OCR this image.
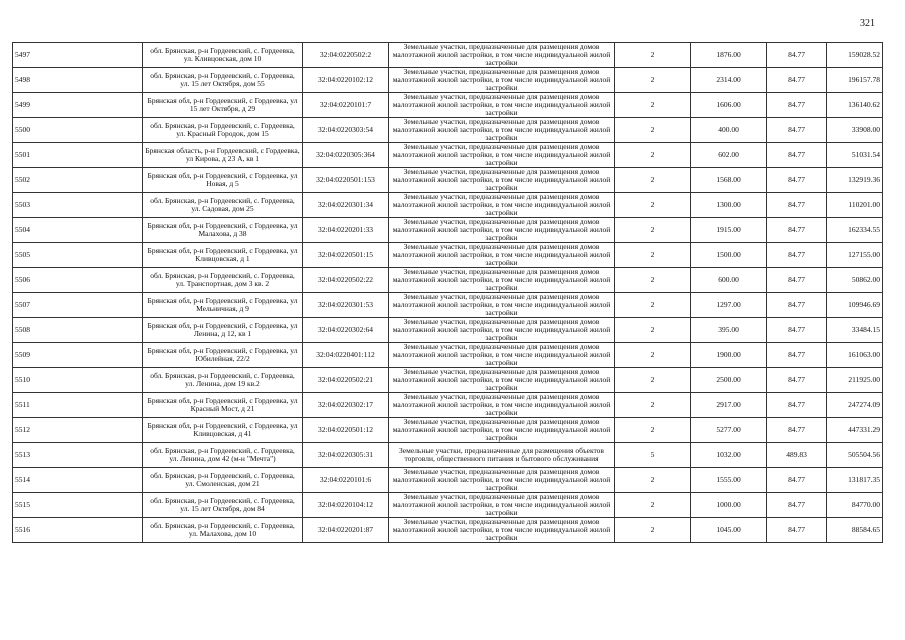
321
5497	обл. Брянская, р-н Гордеевский, с. Гордеевка, ул. Кливцовская, дом 10	32:04:0220502:2	Земельные участки, предназначенные для размещения домов малоэтажной жилой застройки, в том числе индивидуальной жилой застройки	2	1876.00	84.77	159028.52
5498	обл. Брянская, р-н Гордеевский, с. Гордеевка, ул. 15 лет Октября, дом 55	32:04:0220102:12	Земельные участки, предназначенные для размещения домов малоэтажной жилой застройки, в том числе индивидуальной жилой застройки	2	2314.00	84.77	196157.78
5499	Брянская обл, р-н Гордеевский, с Гордеевка, ул 15 лет Октября, д 29	32:04:0220101:7	Земельные участки, предназначенные для размещения домов малоэтажной жилой застройки, в том числе индивидуальной жилой застройки	2	1606.00	84.77	136140.62
5500	обл. Брянская, р-н Гордеевский, с. Гордеевка, ул. Красный Городок, дом 15	32:04:0220303:54	Земельные участки, предназначенные для размещения домов малоэтажной жилой застройки, в том числе индивидуальной жилой застройки	2	400.00	84.77	33908.00
5501	Брянская область, р-н Гордеевский, с Гордеевка, ул Кирова, д 23 А, кв 1	32:04:0220305:364	Земельные участки, предназначенные для размещения домов малоэтажной жилой застройки, в том числе индивидуальной жилой застройки	2	602.00	84.77	51031.54
5502	Брянская обл, р-н Гордеевский, с Гордеевка, ул Новая, д 5	32:04:0220501:153	Земельные участки, предназначенные для размещения домов малоэтажной жилой застройки, в том числе индивидуальной жилой застройки	2	1568.00	84.77	132919.36
5503	обл. Брянская, р-н Гордеевский, с. Гордеевка, ул. Садовая, дом 25	32:04:0220301:34	Земельные участки, предназначенные для размещения домов малоэтажной жилой застройки, в том числе индивидуальной жилой застройки	2	1300.00	84.77	110201.00
5504	Брянская обл, р-н Гордеевский, с Гордеевка, ул Малахова, д 38	32:04:0220201:33	Земельные участки, предназначенные для размещения домов малоэтажной жилой застройки, в том числе индивидуальной жилой застройки	2	1915.00	84.77	162334.55
5505	Брянская обл, р-н Гордеевский, с Гордеевка, ул Кливцовская, д 1	32:04:0220501:15	Земельные участки, предназначенные для размещения домов малоэтажной жилой застройки, в том числе индивидуальной жилой застройки	2	1500.00	84.77	127155.00
5506	обл. Брянская, р-н Гордеевский, с. Гордеевка, ул. Транспортная, дом 3 кв. 2	32:04:0220502:22	Земельные участки, предназначенные для размещения домов малоэтажной жилой застройки, в том числе индивидуальной жилой застройки	2	600.00	84.77	50862.00
5507	Брянская обл, р-н Гордеевский, с Гордеевка, ул Мельничная, д 9	32:04:0220301:53	Земельные участки, предназначенные для размещения домов малоэтажной жилой застройки, в том числе индивидуальной жилой застройки	2	1297.00	84.77	109946.69
5508	Брянская обл, р-н Гордеевский, с Гордеевка, ул Ленина, д 12, кв 1	32:04:0220302:64	Земельные участки, предназначенные для размещения домов малоэтажной жилой застройки, в том числе индивидуальной жилой застройки	2	395.00	84.77	33484.15
5509	Брянская обл, р-н Гордеевский, с Гордеевка, ул Юбилейная, 22/2	32:04:0220401:112	Земельные участки, предназначенные для размещения домов малоэтажной жилой застройки, в том числе индивидуальной жилой застройки	2	1900.00	84.77	161063.00
5510	обл. Брянская, р-н Гордеевский, с. Гордеевка, ул. Ленина, дом 19 кв.2	32:04:0220502:21	Земельные участки, предназначенные для размещения домов малоэтажной жилой застройки, в том числе индивидуальной жилой застройки	2	2500.00	84.77	211925.00
5511	Брянская обл, р-н Гордеевский, с Гордеевка, ул Красный Мост, д 21	32:04:0220302:17	Земельные участки, предназначенные для размещения домов малоэтажной жилой застройки, в том числе индивидуальной жилой застройки	2	2917.00	84.77	247274.09
5512	Брянская обл, р-н Гордеевский, с Гордеевка, ул Кливцовская, д 41	32:04:0220501:12	Земельные участки, предназначенные для размещения домов малоэтажной жилой застройки, в том числе индивидуальной жилой застройки	2	5277.00	84.77	447331.29
5513	обл. Брянская, р-н Гордеевский, с. Гордеевка, ул. Ленина, дом 42 (м-н "Мечта")	32:04:0220305:31	Земельные участки, предназначенные для размещения объектов торговли, общественного питания и бытового обслуживания	5	1032.00	489.83	505504.56
5514	обл. Брянская, р-н Гордеевский, с. Гордеевка, ул. Смоленская, дом 21	32:04:0220101:6	Земельные участки, предназначенные для размещения домов малоэтажной жилой застройки, в том числе индивидуальной жилой застройки	2	1555.00	84.77	131817.35
5515	обл. Брянская, р-н Гордеевский, с. Гордеевка, ул. 15 лет Октября, дом 84	32:04:0220104:12	Земельные участки, предназначенные для размещения домов малоэтажной жилой застройки, в том числе индивидуальной жилой застройки	2	1000.00	84.77	84770.00
5516	обл. Брянская, р-н Гордеевский, с. Гордеевка, ул. Малахова, дом 10	32:04:0220201:87	Земельные участки, предназначенные для размещения домов малоэтажной жилой застройки, в том числе индивидуальной жилой застройки	2	1045.00	84.77	88584.65
